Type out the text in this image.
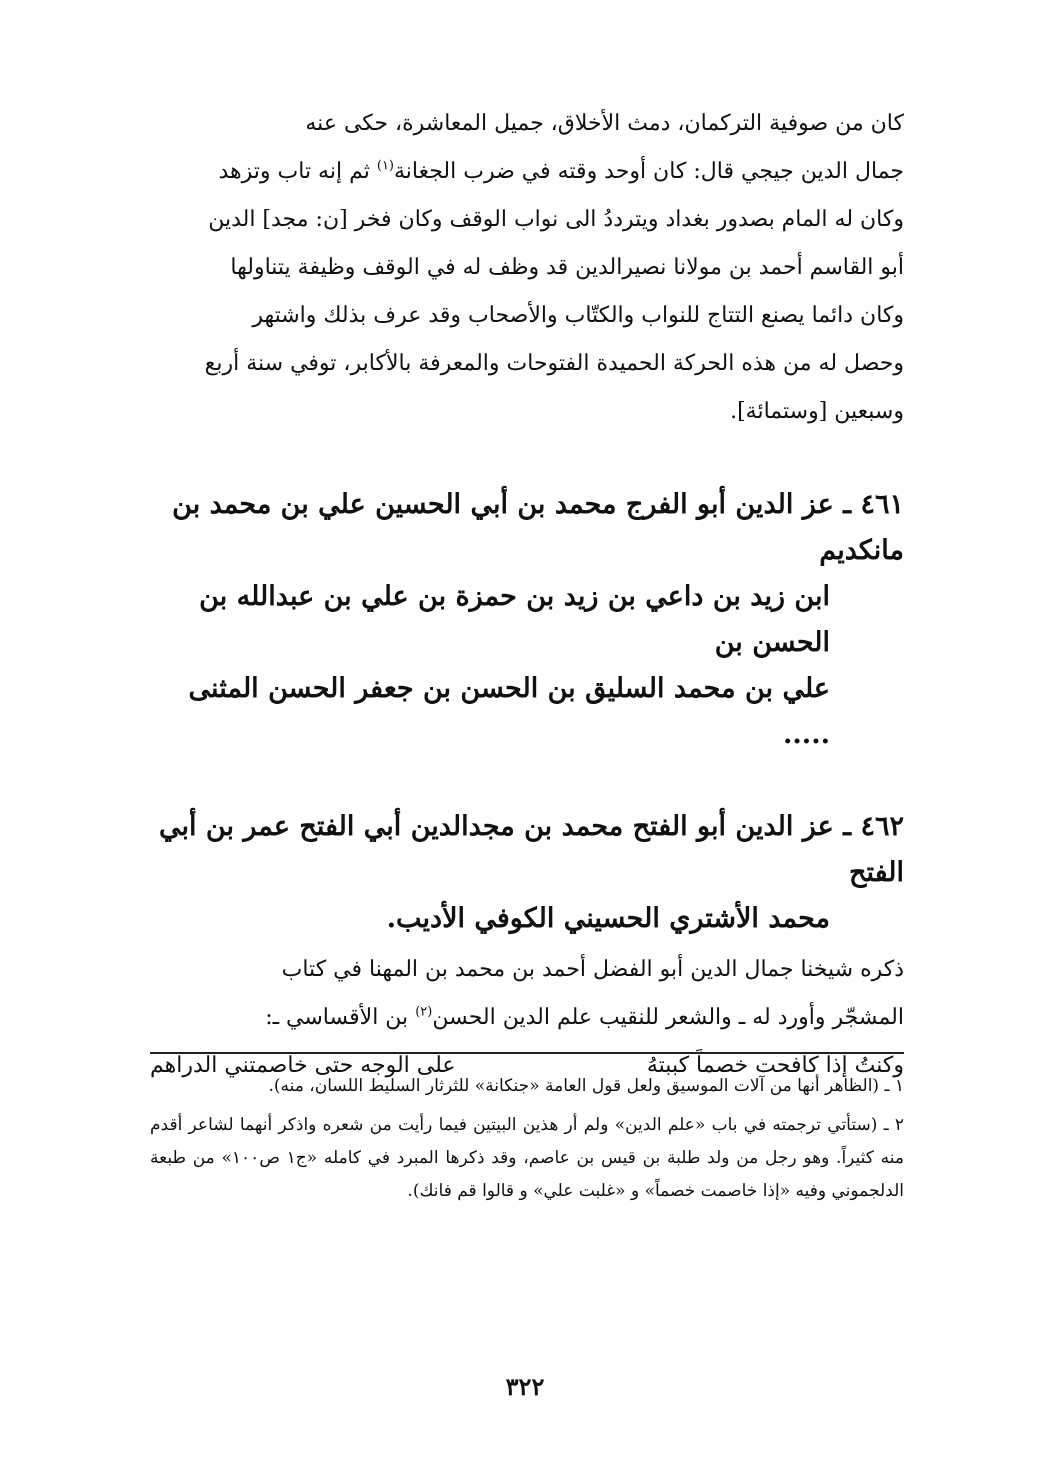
كان من صوفية التركمان، دمث الأخلاق، جميل المعاشرة، حكى عنه

جمال الدين جيجي قال: كان أوحد وقته في ضرب الجغانة$^{(١)}$ ثم إنه تاب وتزهد

وكان له المام بصدور بغداد ويترددُ الى نواب الوقف وكان فخر [ن: مجد] الدين

أبو القاسم أحمد بن مولانا نصيرالدين قد وظف له في الوقف وظيفة يتناولها

وكان دائما يصنع التتاج للنواب والكتّاب والأصحاب وقد عرف بذلك واشتهر

وحصل له من هذه الحركة الحميدة الفتوحات والمعرفة بالأكابر، توفي سنة أربع

وسبعين [وستمائة].

٤٦١ ـ عز الدين أبو الفرج محمد بن أبي الحسين علي بن محمد بن مانكديم
ابن زيد بن داعي بن زيد بن حمزة بن علي بن عبدالله بن الحسن بن
علي بن محمد السليق بن الحسن بن جعفر الحسن المثنى .....

٤٦٢ ـ عز الدين أبو الفتح محمد بن مجدالدين أبي الفتح عمر بن أبي الفتح
محمد الأشتري الحسيني الكوفي الأديب.

ذكره شيخنا جمال الدين أبو الفضل أحمد بن محمد بن المهنا في كتاب

المشجّر وأورد له ـ والشعر للنقيب علم الدين الحسن$^{(٢)}$ بن الأقساسي ـ:

وكنتُ إذا كافحت خصماً كببتهُ
على الوجه حتى خاصمتني الدراهم

١ ـ (الظاهر أنها من آلات الموسيق ولعل قول العامة «جنكانة» للثرثار السليط اللسان، منه).

٢ ـ (ستأتي ترجمته في باب «علم الدين» ولم أر هذين البيتين فيما رأيت من شعره واذكر أنهما لشاعر أقدم منه كثيراً. وهو رجل من ولد طلبة بن قيس بن عاصم، وقد ذكرها المبرد في كامله «ج١ ص١٠٠» من طبعة الدلجموني وفيه «إذا خاصمت خصماً» و «غلبت علي» و قالوا قم فانك).

٣٢٢
